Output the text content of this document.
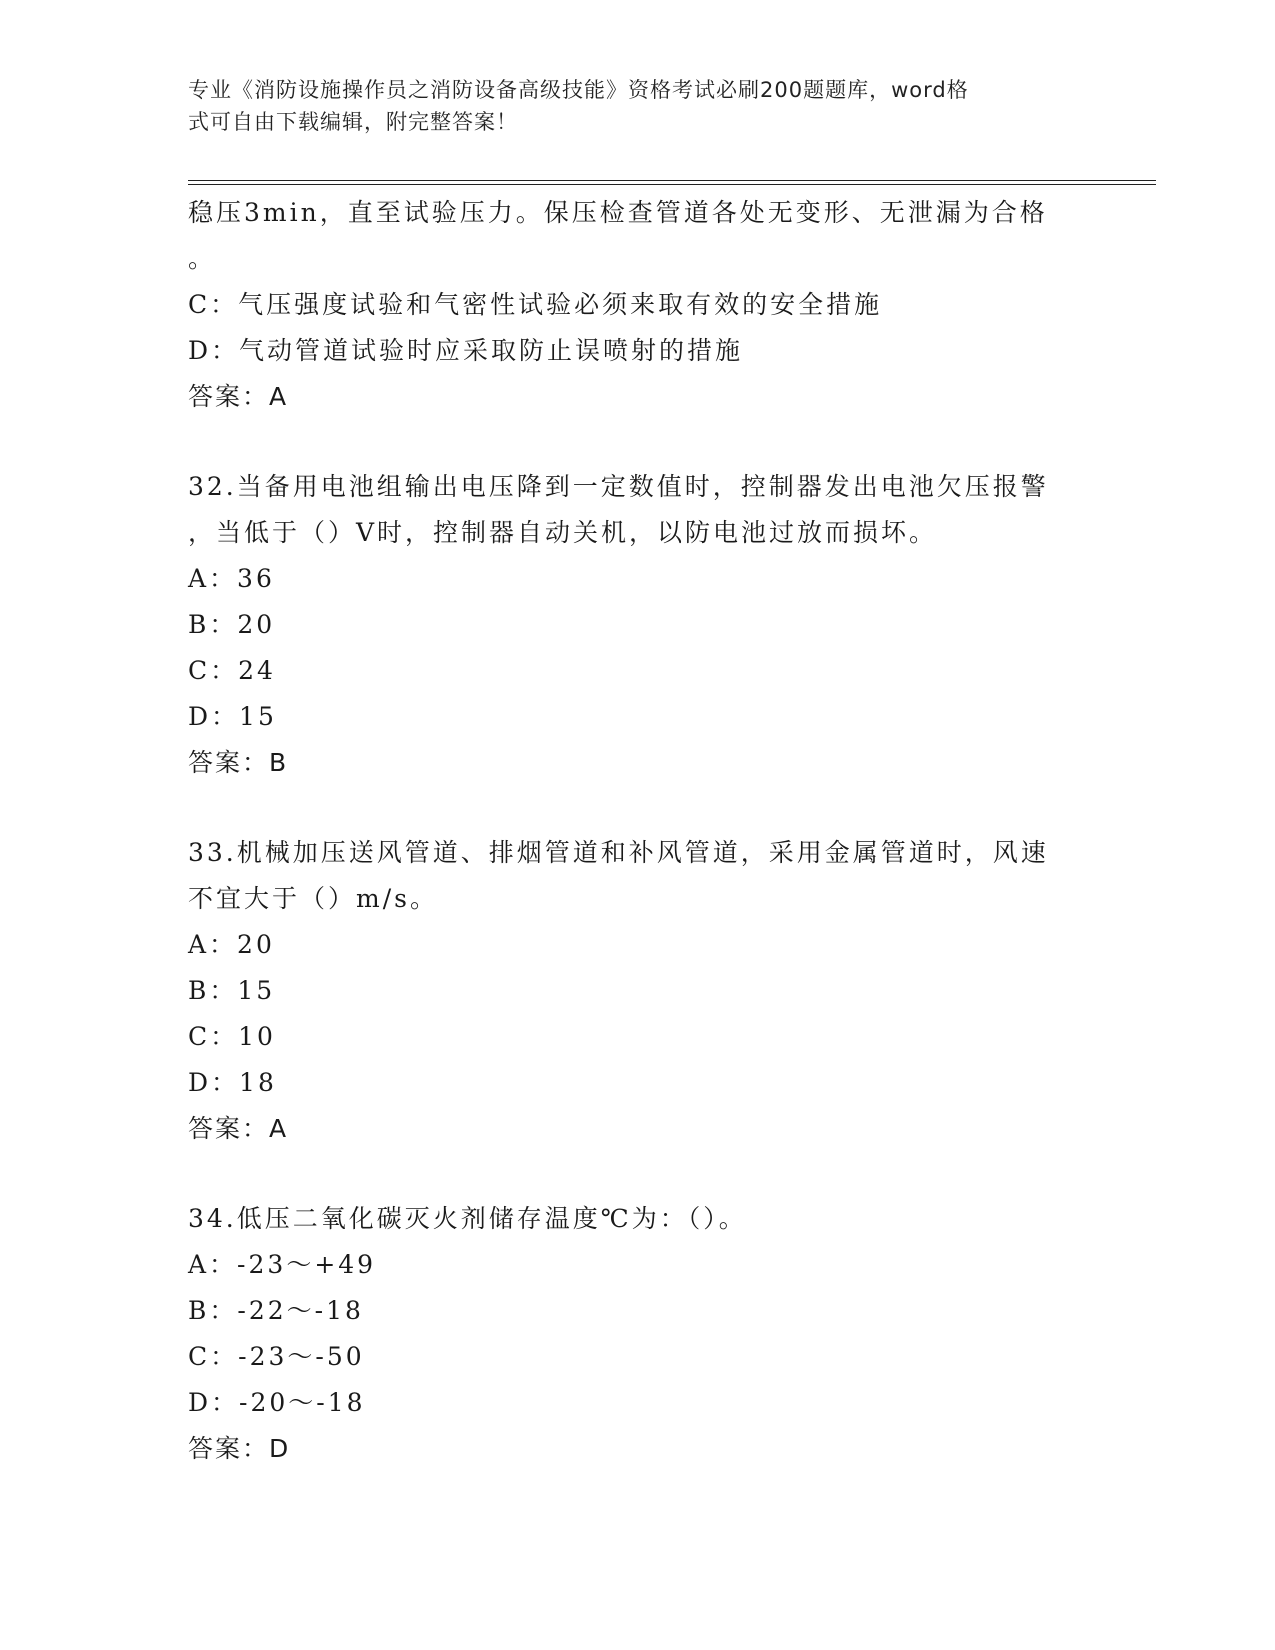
专业《消防设施操作员之消防设备高级技能》资格考试必刷200题题库，word格
式可自由下载编辑，附完整答案！
稳压3min，直至试验压力。保压检查管道各处无变形、无泄漏为合格
。
C：气压强度试验和气密性试验必须来取有效的安全措施
D：气动管道试验时应采取防止误喷射的措施
答案：A
32.当备用电池组输出电压降到一定数值时，控制器发出电池欠压报警
，当低于（）V时，控制器自动关机，以防电池过放而损坏。
A：36
B：20
C：24
D：15
答案：B
33.机械加压送风管道、排烟管道和补风管道，采用金属管道时，风速
不宜大于（）m/s。
A：20
B：15
C：10
D：18
答案：A
34.低压二氧化碳灭火剂储存温度℃为：（）。
A：-23～+49
B：-22～-18
C：-23～-50
D：-20～-18
答案：D
